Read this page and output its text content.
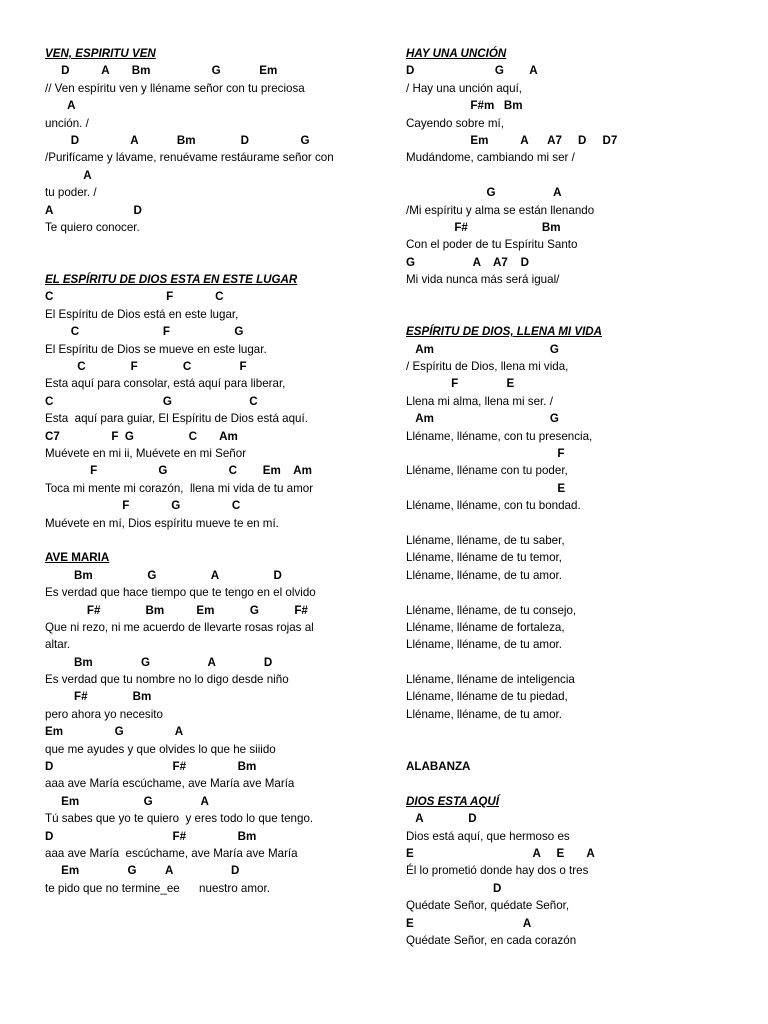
VEN, ESPIRITU VEN
D          A       Bm                   G            Em
// Ven espíritu ven y lléname señor con tu preciosa
A
unción. /
D                A            Bm              D                G
/Purifícame y lávame, renuévame restáurame señor con
A
tu poder. /
A                         D
Te quiero conocer.
EL ESPÍRITU DE DIOS ESTA EN ESTE LUGAR
C                                   F             C
El Espíritu de Dios está en este lugar,
C                          F                    G
El Espíritu de Dios se mueve en este lugar.
C              F              C               F
Esta aquí para consolar, está aquí para liberar,
C                                  G                        C
Esta  aquí para guiar, El Espíritu de Dios está aquí.
C7                F  G                 C       Am
Muévete en mi ii, Muévete en mi Señor
F                   G                   C        Em    Am
Toca mi mente mi corazón,  llena mi vida de tu amor
F             G                C
Muévete en mí, Dios espíritu mueve te en mí.
AVE MARIA
Bm                 G                 A                 D
Es verdad que hace tiempo que te tengo en el olvido
F#              Bm          Em           G           F#
Que ni rezo, ni me acuerdo de llevarte rosas rojas al
altar.
Bm               G                  A               D
Es verdad que tu nombre no lo digo desde niño
F#              Bm
pero ahora yo necesito
Em                G                A
que me ayudes y que olvides lo que he siiido
D                                     F#                Bm
aaa ave María escúchame, ave María ave María
Em                    G               A
Tú sabes que yo te quiero  y eres todo lo que tengo.
D                                     F#                Bm
aaa ave María  escúchame, ave María ave María
Em               G         A                  D
te pido que no termine_ee      nuestro amor.
HAY UNA UNCIÓN
D                         G        A
/ Hay una unción aquí,
F#m   Bm
Cayendo sobre mí,
Em          A      A7     D     D7
Mudándome, cambiando mi ser /
G                  A
/Mi espíritu y alma se están llenando
F#                       Bm
Con el poder de tu Espíritu Santo
G                  A    A7    D
Mi vida nunca más será igual/
ESPÍRITU DE DIOS, LLENA MI VIDA
Am                                    G
/ Espíritu de Dios, llena mi vida,
F               E
Llena mi alma, llena mi ser. /
Am                                    G
Lléname, lléname, con tu presencia,
F
Lléname, lléname con tu poder,
E
Lléname, lléname, con tu bondad.
Lléname, lléname, de tu saber,
Lléname, lléname de tu temor,
Lléname, lléname, de tu amor.
Lléname, lléname, de tu consejo,
Lléname, lléname de fortaleza,
Lléname, lléname, de tu amor.
Lléname, lléname de inteligencia
Lléname, lléname de tu piedad,
Lléname, lléname, de tu amor.
ALABANZA
DIOS ESTA AQUÍ
A              D
Dios está aquí, que hermoso es
E                                     A     E       A
Él lo prometió donde hay dos o tres
D
Quédate Señor, quédate Señor,
E                                  A
Quédate Señor, en cada corazón
